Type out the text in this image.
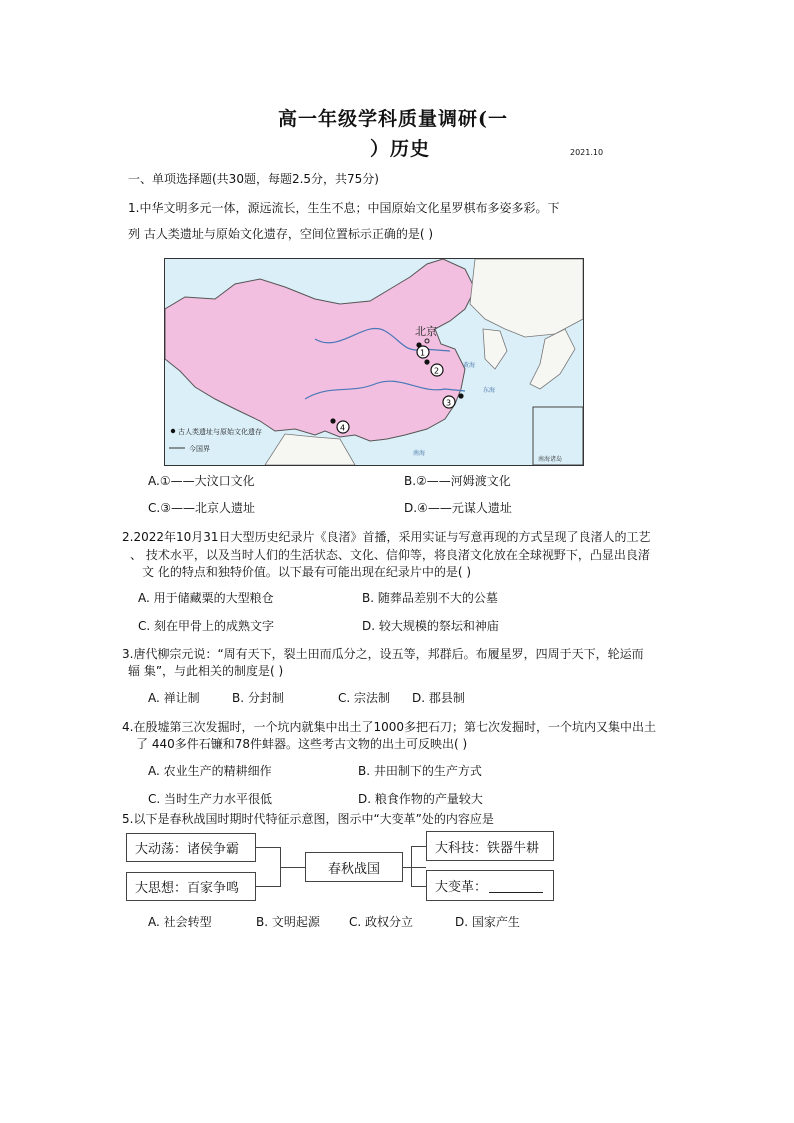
高一年级学科质量调研(一
）历史	2021.10
一、单项选择题(共30题，每题2.5分，共75分)
1.中华文明多元一体，源远流长，生生不息；中国原始文化星罗棋布多姿多彩。下
列 古人类遗址与原始文化遗存，空间位置标示正确的是( )
南海诸岛
黄海
东海
南海
北京
1
2
3
4
古人类遗址与原始文化遗存
今国界
A.①——大汶口文化	B.②——河姆渡文化
C.③——北京人遗址	D.④——元谋人遗址
2.2022年10月31日大型历史纪录片《良渚》首播，采用实证与写意再现的方式呈现了良渚人的工艺
、 技术水平，以及当时人们的生活状态、文化、信仰等，将良渚文化放在全球视野下，凸显出良渚
文 化的特点和独特价值。以下最有可能出现在纪录片中的是( )
A. 用于储藏粟的大型粮仓	B. 随葬品差别不大的公墓
C. 刻在甲骨上的成熟文字	D. 较大规模的祭坛和神庙
3.唐代柳宗元说：“周有天下，裂土田而瓜分之，设五等，邦群后。布履星罗，四周于天下，轮运而
辐 集”，与此相关的制度是( )
A. 禅让制	B. 分封制	C. 宗法制 D. 郡县制
4.在殷墟第三次发掘时，一个坑内就集中出土了1000多把石刀；第七次发掘时，一个坑内又集中出土
了 440多件石镰和78件蚌器。这些考古文物的出土可反映出( )
A. 农业生产的精耕细作	B. 井田制下的生产方式
C. 当时生产力水平很低	D. 粮食作物的产量较大
5.以下是春秋战国时期时代特征示意图，图示中“大变革”处的内容应是
大动荡：诸侯争霸
大思想：百家争鸣
春秋战国
大科技：铁器牛耕
大变革：
A. 社会转型	B. 文明起源 C. 政权分立	D. 国家产生
